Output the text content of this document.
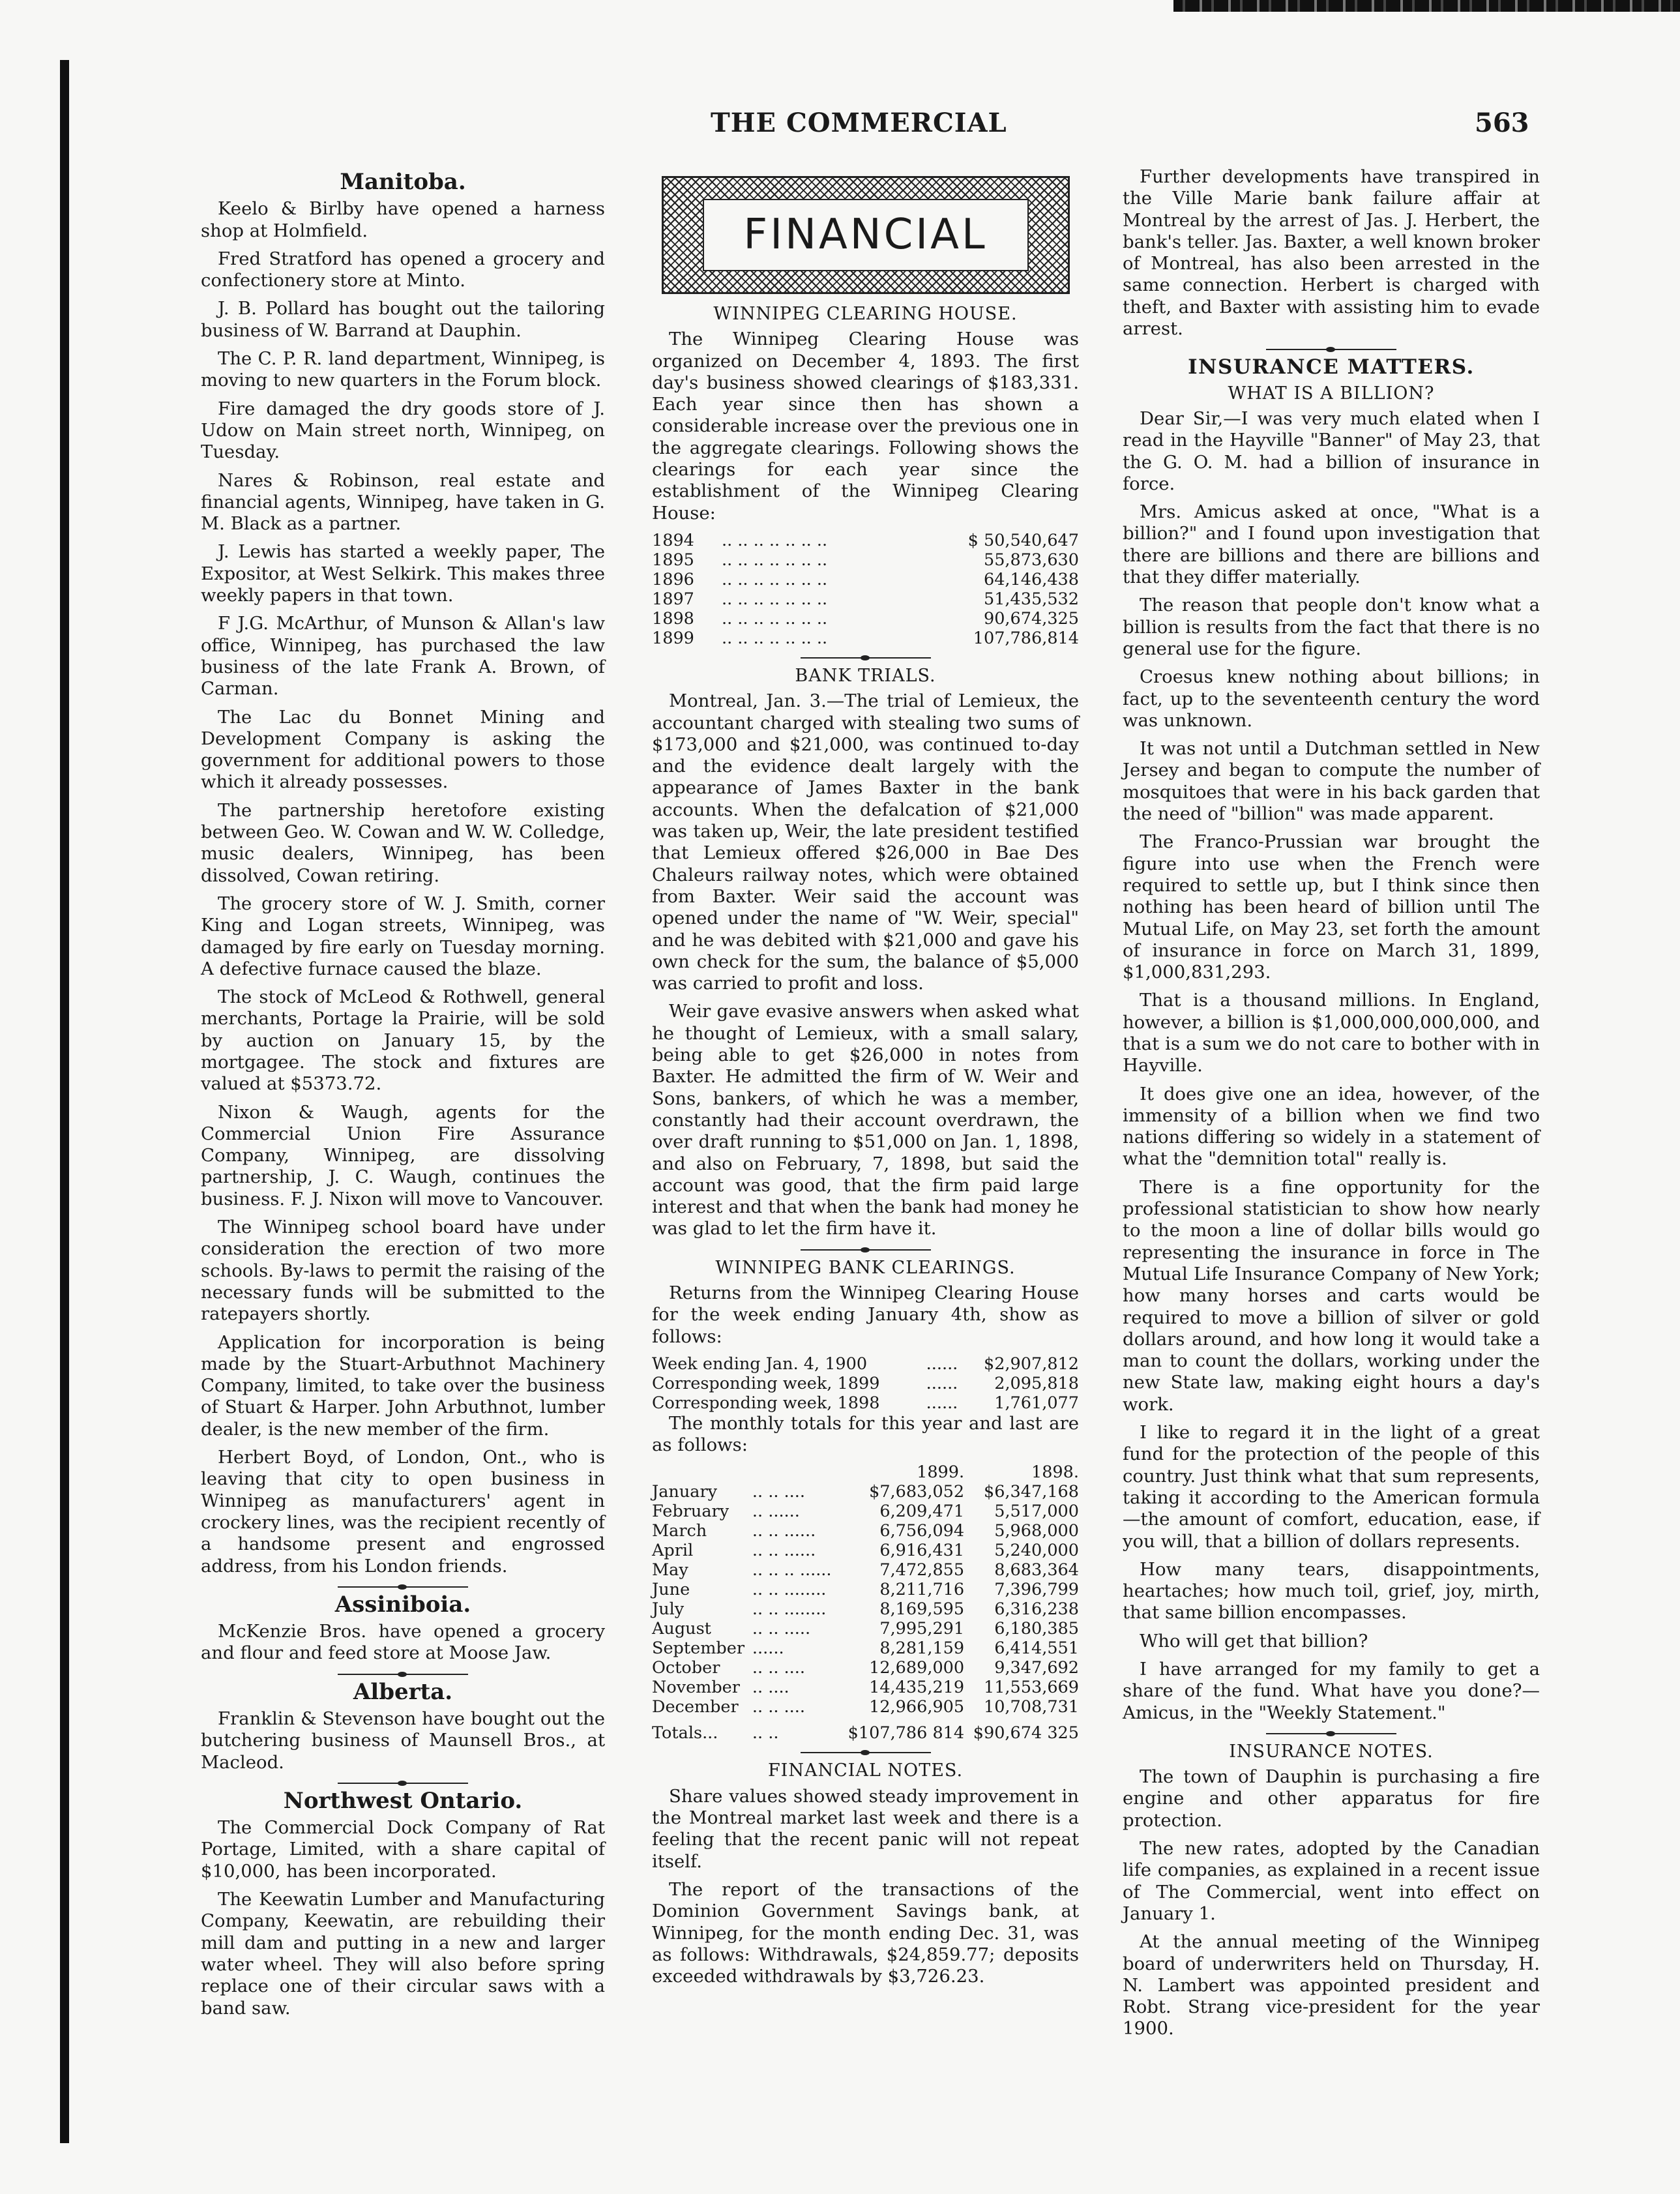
THE COMMERCIAL	563
Manitoba.

Keelo & Birlby have opened a harness shop at Holmfield.

Fred Stratford has opened a grocery and confectionery store at Minto.

J. B. Pollard has bought out the tailoring business of W. Barrand at Dauphin.

The C. P. R. land department, Winnipeg, is moving to new quarters in the Forum block.

Fire damaged the dry goods store of J. Udow on Main street north, Winnipeg, on Tuesday.

Nares & Robinson, real estate and financial agents, Winnipeg, have taken in G. M. Black as a partner.

J. Lewis has started a weekly paper, The Expositor, at West Selkirk. This makes three weekly papers in that town.

F J.G. McArthur, of Munson & Allan's law office, Winnipeg, has purchased the law business of the late Frank A. Brown, of Carman.

The Lac du Bonnet Mining and Development Company is asking the government for additional powers to those which it already possesses.

The partnership heretofore existing between Geo. W. Cowan and W. W. Colledge, music dealers, Winnipeg, has been dissolved, Cowan retiring.

The grocery store of W. J. Smith, corner King and Logan streets, Winnipeg, was damaged by fire early on Tuesday morning. A defective furnace caused the blaze.

The stock of McLeod & Rothwell, general merchants, Portage la Prairie, will be sold by auction on January 15, by the mortgagee. The stock and fixtures are valued at $5373.72.

Nixon & Waugh, agents for the Commercial Union Fire Assurance Company, Winnipeg, are dissolving partnership, J. C. Waugh, continues the business. F. J. Nixon will move to Vancouver.

The Winnipeg school board have under consideration the erection of two more schools. By-laws to permit the raising of the necessary funds will be submitted to the ratepayers shortly.

Application for incorporation is being made by the Stuart-Arbuthnot Machinery Company, limited, to take over the business of Stuart & Harper. John Arbuthnot, lumber dealer, is the new member of the firm.

Herbert Boyd, of London, Ont., who is leaving that city to open business in Winnipeg as manufacturers' agent in crockery lines, was the recipient recently of a handsome present and engrossed address, from his London friends.

Assiniboia.

McKenzie Bros. have opened a grocery and flour and feed store at Moose Jaw.

Alberta.

Franklin & Stevenson have bought out the butchering business of Maunsell Bros., at Macleod.

Northwest Ontario.

The Commercial Dock Company of Rat Portage, Limited, with a share capital of $10,000, has been incorporated.

The Keewatin Lumber and Manufacturing Company, Keewatin, are rebuilding their mill dam and putting in a new and larger water wheel. They will also before spring replace one of their circular saws with a band saw.

FINANCIAL
WINNIPEG CLEARING HOUSE.

The Winnipeg Clearing House was organized on December 4, 1893. The first day's business showed clearings of $183,331. Each year since then has shown a considerable increase over the previous one in the aggregate clearings. Following shows the clearings for each year since the establishment of the Winnipeg Clearing House:

1894	.. .. .. .. .. .. ..	$ 50,540,647
1895	.. .. .. .. .. .. ..	55,873,630
1896	.. .. .. .. .. .. ..	64,146,438
1897	.. .. .. .. .. .. ..	51,435,532
1898	.. .. .. .. .. .. ..	90,674,325
1899	.. .. .. .. .. .. ..	107,786,814
BANK TRIALS.

Montreal, Jan. 3.—The trial of Lemieux, the accountant charged with stealing two sums of $173,000 and $21,000, was continued to-day and the evidence dealt largely with the appearance of James Baxter in the bank accounts. When the defalcation of $21,000 was taken up, Weir, the late president testified that Lemieux offered $26,000 in Bae Des Chaleurs railway notes, which were obtained from Baxter. Weir said the account was opened under the name of "W. Weir, special" and he was debited with $21,000 and gave his own check for the sum, the balance of $5,000 was carried to profit and loss.

Weir gave evasive answers when asked what he thought of Lemieux, with a small salary, being able to get $26,000 in notes from Baxter. He admitted the firm of W. Weir and Sons, bankers, of which he was a member, constantly had their account overdrawn, the over draft running to $51,000 on Jan. 1, 1898, and also on February, 7, 1898, but said the account was good, that the firm paid large interest and that when the bank had money he was glad to let the firm have it.

WINNIPEG BANK CLEARINGS.

Returns from the Winnipeg Clearing House for the week ending January 4th, show as follows:

Week ending Jan. 4, 1900	......	$2,907,812
Corresponding week, 1899	......	2,095,818
Corresponding week, 1898	......	1,761,077

The monthly totals for this year and last are as follows:

		1899.	1898.
January	.. .. ....	$7,683,052	$6,347,168
February	.. ......	6,209,471	5,517,000
March	.. .. ......	6,756,094	5,968,000
April	.. .. ......	6,916,431	5,240,000
May	.. .. .. ......	7,472,855	8,683,364
June	.. .. ........	8,211,716	7,396,799
July	.. .. ........	8,169,595	6,316,238
August	.. .. .....	7,995,291	6,180,385
September	......	8,281,159	6,414,551
October	.. .. ....	12,689,000	9,347,692
November	.. ....	14,435,219	11,553,669
December	.. .. ....	12,966,905	10,708,731
Totals...	.. ..	$107,786 814	$90,674 325
FINANCIAL NOTES.

Share values showed steady improvement in the Montreal market last week and there is a feeling that the recent panic will not repeat itself.

The report of the transactions of the Dominion Government Savings bank, at Winnipeg, for the month ending Dec. 31, was as follows: Withdrawals, $24,859.77; deposits exceeded withdrawals by $3,726.23.

Further developments have transpired in the Ville Marie bank failure affair at Montreal by the arrest of Jas. J. Herbert, the bank's teller. Jas. Baxter, a well known broker of Montreal, has also been arrested in the same connection. Herbert is charged with theft, and Baxter with assisting him to evade arrest.

INSURANCE MATTERS.
WHAT IS A BILLION?

Dear Sir,—I was very much elated when I read in the Hayville "Banner" of May 23, that the G. O. M. had a billion of insurance in force.

Mrs. Amicus asked at once, "What is a billion?" and I found upon investigation that there are billions and there are billions and that they differ materially.

The reason that people don't know what a billion is results from the fact that there is no general use for the figure.

Croesus knew nothing about billions; in fact, up to the seventeenth century the word was unknown.

It was not until a Dutchman settled in New Jersey and began to compute the number of mosquitoes that were in his back garden that the need of "billion" was made apparent.

The Franco-Prussian war brought the figure into use when the French were required to settle up, but I think since then nothing has been heard of billion until The Mutual Life, on May 23, set forth the amount of insurance in force on March 31, 1899, $1,000,831,293.

That is a thousand millions. In England, however, a billion is $1,000,000,000,000, and that is a sum we do not care to bother with in Hayville.

It does give one an idea, however, of the immensity of a billion when we find two nations differing so widely in a statement of what the "demnition total" really is.

There is a fine opportunity for the professional statistician to show how nearly to the moon a line of dollar bills would go representing the insurance in force in The Mutual Life Insurance Company of New York; how many horses and carts would be required to move a billion of silver or gold dollars around, and how long it would take a man to count the dollars, working under the new State law, making eight hours a day's work.

I like to regard it in the light of a great fund for the protection of the people of this country. Just think what that sum represents, taking it according to the American formula—the amount of comfort, education, ease, if you will, that a billion of dollars represents.

How many tears, disappointments, heartaches; how much toil, grief, joy, mirth, that same billion encompasses.

Who will get that billion?

I have arranged for my family to get a share of the fund. What have you done?—Amicus, in the "Weekly Statement."

INSURANCE NOTES.

The town of Dauphin is purchasing a fire engine and other apparatus for fire protection.

The new rates, adopted by the Canadian life companies, as explained in a recent issue of The Commercial, went into effect on January 1.

At the annual meeting of the Winnipeg board of underwriters held on Thursday, H. N. Lambert was appointed president and Robt. Strang vice-president for the year 1900.
